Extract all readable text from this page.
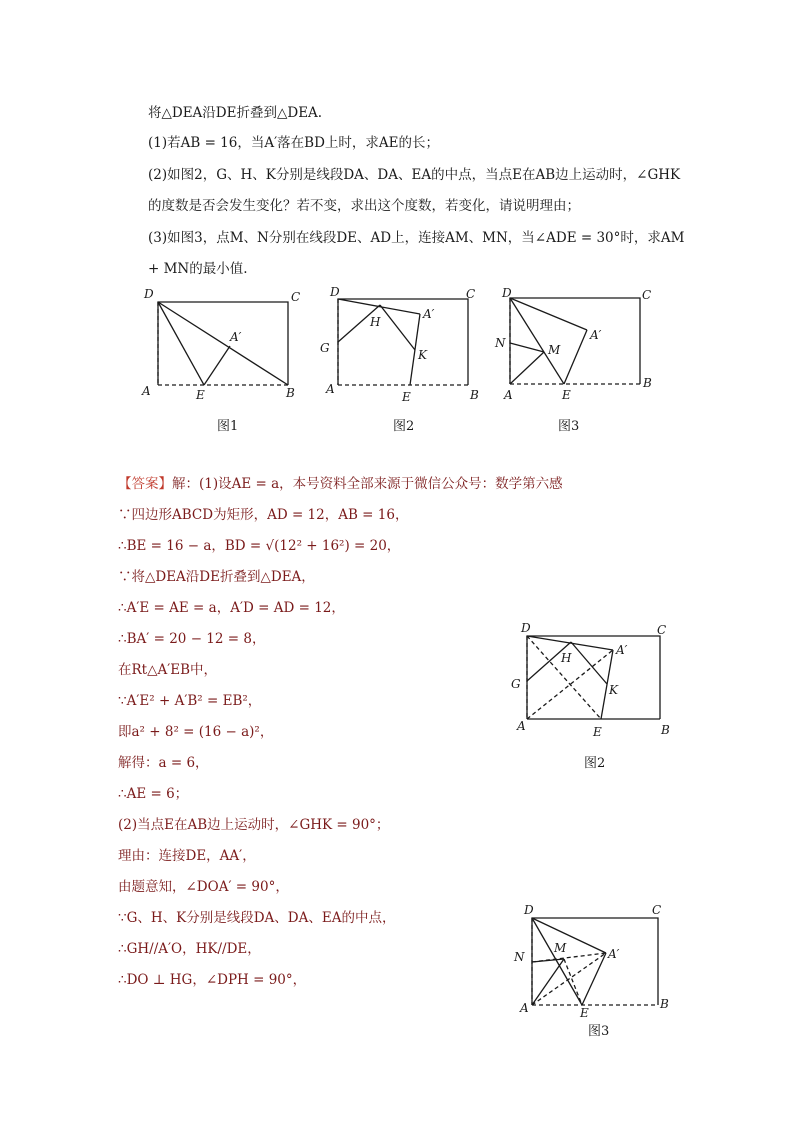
将△DEA沿DE折叠到△DEA.
(1)若AB = 16，当A′落在BD上时，求AE的长；
(2)如图2，G、H、K分别是线段DA、DA、EA的中点，当点E在AB边上运动时，∠GHK
的度数是否会发生变化？若不变，求出这个度数，若变化，请说明理由；
(3)如图3，点M、N分别在线段DE、AD上，连接AM、MN，当∠ADE = 30°时，求AM
+ MN的最小值.
D	C
A′
A	E	B
图1
D	C
H
A′
G	K
A
E	B
图2
D	C
A′
N	M
A	E
B
图3
【答案】解：(1)设AE = a，本号资料全部来源于微信公众号：数学第六感
∵四边形ABCD为矩形，AD = 12，AB = 16，
∴BE = 16 − a，BD = √(12² + 16²) = 20，
∵将△DEA沿DE折叠到△DEA，
∴A′E = AE = a，A′D = AD = 12，
∴BA′ = 20 − 12 = 8，
在Rt△A′EB中，
∵A′E² + A′B² = EB²，
即a² + 8² = (16 − a)²，
解得：a = 6，
∴AE = 6；
(2)当点E在AB边上运动时，∠GHK = 90°；
理由：连接DE，AA′，
由题意知，∠DOA′ = 90°，
∵G、H、K分别是线段DA、DA、EA的中点，
∴GH//A′O，HK//DE，
∴DO ⊥ HG，∠DPH = 90°，
D	C
H
A′
G	K
A	E	B
图2
D	C
M	A′
N
A	E
B
图3
